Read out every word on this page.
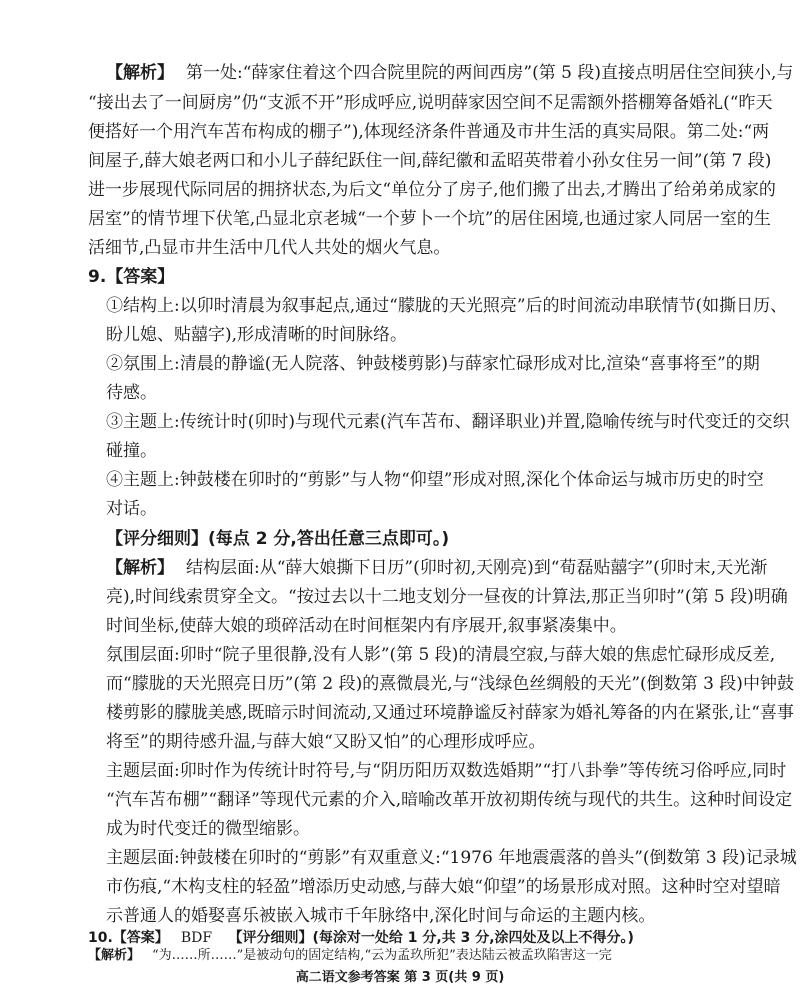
【解析】 第一处:“薛家住着这个四合院里院的两间西房”(第 5 段)直接点明居住空间狭小,与
“接出去了一间厨房”仍“支派不开”形成呼应,说明薛家因空间不足需额外搭棚筹备婚礼(“昨天
便搭好一个用汽车苫布构成的棚子”),体现经济条件普通及市井生活的真实局限。第二处:“两
间屋子,薛大娘老两口和小儿子薛纪跃住一间,薛纪徽和孟昭英带着小孙女住另一间”(第 7 段)
进一步展现代际同居的拥挤状态,为后文“单位分了房子,他们搬了出去,才腾出了给弟弟成家的
居室”的情节埋下伏笔,凸显北京老城“一个萝卜一个坑”的居住困境,也通过家人同居一室的生
活细节,凸显市井生活中几代人共处的烟火气息。
9.【答案】
①结构上:以卯时清晨为叙事起点,通过“朦胧的天光照亮”后的时间流动串联情节(如撕日历、
盼儿媳、贴囍字),形成清晰的时间脉络。
②氛围上:清晨的静谧(无人院落、钟鼓楼剪影)与薛家忙碌形成对比,渲染“喜事将至”的期
待感。
③主题上:传统计时(卯时)与现代元素(汽车苫布、翻译职业)并置,隐喻传统与时代变迁的交织
碰撞。
④主题上:钟鼓楼在卯时的“剪影”与人物“仰望”形成对照,深化个体命运与城市历史的时空
对话。
【评分细则】(每点 2 分,答出任意三点即可。)
【解析】 结构层面:从“薛大娘撕下日历”(卯时初,天刚亮)到“荀磊贴囍字”(卯时末,天光渐
亮),时间线索贯穿全文。“按过去以十二地支划分一昼夜的计算法,那正当卯时”(第 5 段)明确
时间坐标,使薛大娘的琐碎活动在时间框架内有序展开,叙事紧凑集中。
氛围层面:卯时“院子里很静,没有人影”(第 5 段)的清晨空寂,与薛大娘的焦虑忙碌形成反差,
而“朦胧的天光照亮日历”(第 2 段)的熹微晨光,与“浅绿色丝绸般的天光”(倒数第 3 段)中钟鼓
楼剪影的朦胧美感,既暗示时间流动,又通过环境静谧反衬薛家为婚礼筹备的内在紧张,让“喜事
将至”的期待感升温,与薛大娘“又盼又怕”的心理形成呼应。
主题层面:卯时作为传统计时符号,与“阴历阳历双数选婚期”“打八卦拳”等传统习俗呼应,同时
“汽车苫布棚”“翻译”等现代元素的介入,暗喻改革开放初期传统与现代的共生。这种时间设定
成为时代变迁的微型缩影。
主题层面:钟鼓楼在卯时的“剪影”有双重意义:“1976 年地震震落的兽头”(倒数第 3 段)记录城
市伤痕,“木构支柱的轻盈”增添历史动感,与薛大娘“仰望”的场景形成对照。这种时空对望暗
示普通人的婚娶喜乐被嵌入城市千年脉络中,深化时间与命运的主题内核。
10.【答案】 BDF 【评分细则】(每涂对一处给 1 分,共 3 分,涂四处及以上不得分。)
高二语文参考答案 第 3 页(共 9 页)
【解析】 “为……所……”是被动句的固定结构,“云为孟玖所犯”表达陆云被孟玖陷害这一完
